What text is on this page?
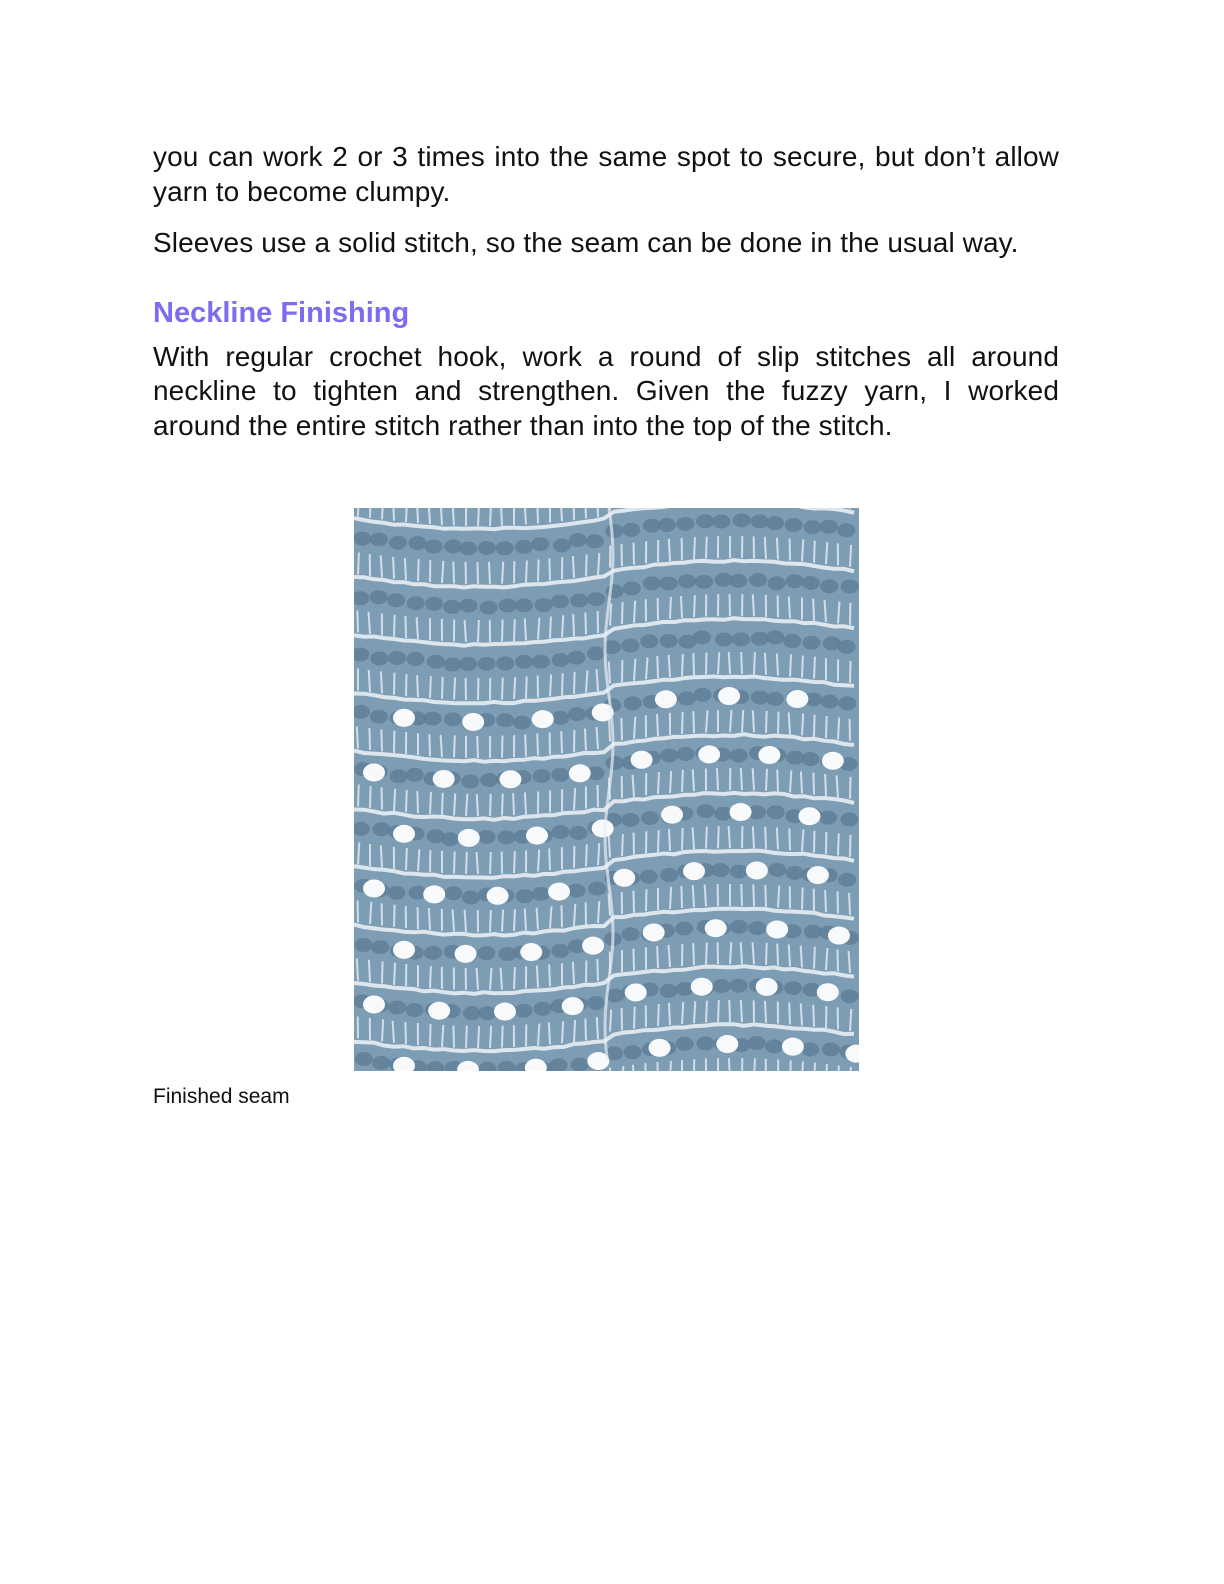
you can work 2 or 3 times into the same spot to secure, but don’t allow yarn to become clumpy.

Sleeves use a solid stitch, so the seam can be done in the usual way.

Neckline Finishing

With regular crochet hook, work a round of slip stitches all around neckline to tighten and strengthen. Given the fuzzy yarn, I worked around the entire stitch rather than into the top of the stitch.

Finished seam
